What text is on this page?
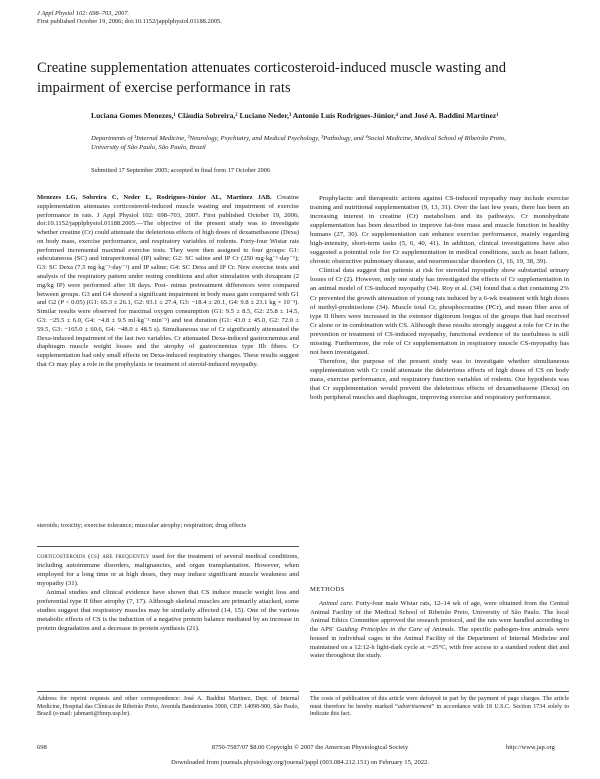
J Appl Physiol 102: 698–703, 2007.
First published October 19, 2006; doi:10.1152/japplphysiol.01188.2005.
Creatine supplementation attenuates corticosteroid-induced muscle wasting and impairment of exercise performance in rats
Luciana Gomes Menezes,¹ Cláudia Sobreira,² Luciano Neder,³ Antonio Luís Rodrigues-Júnior,⁴ and José A. Baddini Martinez¹
Departments of ¹Internal Medicine, ²Neurology, Psychiatry, and Medical Psychology, ³Pathology, and ⁴Social Medicine, Medical School of Ribeirão Preto, University of São Paulo, São Paulo, Brazil
Submitted 17 September 2005; accepted in final form 17 October 2006
Menezes LG, Sobreira C, Neder L, Rodrigues-Júnior AL, Martinez JAB. Creatine supplementation attenuates corticosteroid-induced muscle wasting and impairment of exercise performance in rats. J Appl Physiol 102: 698–703, 2007. First published October 19, 2006; doi:10.1152/japplphysiol.01188.2005.—The objective of the present study was to investigate whether creatine (Cr) could attenuate the deleterious effects of high doses of dexamethasone (Dexa) on body mass, exercise performance, and respiratory variables of rodents. Forty-four Wistar rats performed incremental maximal exercise tests. They were then assigned to four groups: G1: subcutaneous (SC) and intraperitoneal (IP) saline; G2: SC saline and IP Cr (250 mg·kg⁻¹·day⁻¹); G3: SC Dexa (7.5 mg·kg⁻¹·day⁻¹) and IP saline; G4: SC Dexa and IP Cr. New exercise tests and analysis of the respiratory pattern under resting conditions and after stimulation with doxapram (2 mg/kg IP) were performed after 18 days. Post- minus pretreatment differences were compared between groups. G3 and G4 showed a significant impairment in body mass gain compared with G1 and G2 (P < 0.05) (G1: 65.3 ± 26.1, G2: 93.1 ± 27.4, G3: −18.4 ± 20.1, G4: 9.8 ± 23.1 kg × 10⁻³). Similar results were observed for maximal oxygen consumption (G1: 9.5 ± 8.5, G2: 25.8 ± 14.5, G3: −25.5 ± 6.0, G4: −4.8 ± 9.5 ml·kg⁻¹·min⁻¹) and test duration (G1: 43.0 ± 45.0, G2: 72.0 ± 59.5, G3: −165.0 ± 60.6, G4: −48.0 ± 48.5 s). Simultaneous use of Cr significantly attenuated the Dexa-induced impairment of the last two variables. Cr attenuated Dexa-induced gastrocnemius and diaphragm muscle weight losses and the atrophy of gastrocnemius type IIb fibers. Cr supplementation had only small effects on Dexa-induced respiratory changes. These results suggest that Cr may play a role in the prophylaxis or treatment of steroid-induced myopathy.
steroids; toxicity; exercise tolerance; muscular atrophy; respiration; drug effects

corticosteroids (cs) are frequently used for the treatment of several medical conditions, including autoimmune disorders, malignancies, and organ transplantation. However, when employed for a long time or at high doses, they may induce significant muscle weakness and myopathy (31).

Animal studies and clinical evidence have shown that CS induce muscle weight loss and preferential type II fiber atrophy (7, 17). Although skeletal muscles are primarily attacked, some studies suggest that respiratory muscles may be similarly affected (14, 15). One of the various metabolic effects of CS is the induction of a negative protein balance mediated by an increase in protein degradation and a decrease in protein synthesis (21).

Prophylactic and therapeutic actions against CS-induced myopathy may include exercise training and nutritional supplementation (9, 13, 31). Over the last few years, there has been an increasing interest in creatine (Cr) metabolism and its pathways. Cr monohydrate supplementation has been described to improve fat-free mass and muscle function in healthy humans (27, 30). Cr supplementation can enhance exercise performance, mainly regarding high-intensity, short-term tasks (5, 6, 40, 41). In addition, clinical investigations have also suggested a potential role for Cr supplementation in medical conditions, such as heart failure, chronic obstructive pulmonary disease, and neuromuscular disorders (1, 16, 19, 38, 39).

Clinical data suggest that patients at risk for steroidal myopathy show substantial urinary losses of Cr (2). However, only one study has investigated the effects of Cr supplementation in an animal model of CS-induced myopathy (34). Roy et al. (34) found that a diet containing 2% Cr prevented the growth attenuation of young rats induced by a 6-wk treatment with high doses of methyl-prednisolone (34). Muscle total Cr, phosphocreatine (PCr), and mean fiber area of type II fibers were increased in the extensor digitorum longus of the groups that had received Cr alone or in combination with CS. Although these results strongly suggest a role for Cr in the prevention or treatment of CS-induced myopathy, functional evidence of its usefulness is still missing. Furthermore, the role of Cr supplementation in respiratory muscle CS-myopathy has not been investigated.

Therefore, the purpose of the present study was to investigate whether simultaneous supplementation with Cr could attenuate the deleterious effects of high doses of CS on body mass, exercise performance, and respiratory function variables of rodents. Our hypothesis was that Cr supplementation would prevent the deleterious effects of dexamethasone (Dexa) on both peripheral muscles and diaphragm, improving exercise and respiratory performance.

METHODS

Animal care. Forty-four male Wistar rats, 12–14 wk of age, were obtained from the Central Animal Facility of the Medical School of Ribeirão Preto, University of São Paulo. The local Animal Ethics Committee approved the research protocol, and the rats were handled according to the APS' Guiding Principles in the Care of Animals. The specific pathogen-free animals were housed in individual cages in the Animal Facility of the Department of Internal Medicine and maintained on a 12:12-h light-dark cycle at ∼25°C, with free access to a standard rodent diet and water throughout the study.

Address for reprint requests and other correspondence: José A. Baddini Martinez, Dept. of Internal Medicine, Hospital das Clínicas de Ribeirão Preto, Avenida Bandeirantes 3900, CEP: 14098-900, São Paulo, Brazil (e-mail: jabmarti@fmrp.usp.br).
The costs of publication of this article were defrayed in part by the payment of page charges. The article must therefore be hereby marked “advertisement” in accordance with 18 U.S.C. Section 1734 solely to indicate this fact.
698	8750-7587/07 $8.00 Copyright © 2007 the American Physiological Society	http://www.jap.org
Downloaded from journals.physiology.org/journal/jappl (003.084.212.151) on February 15, 2022.
